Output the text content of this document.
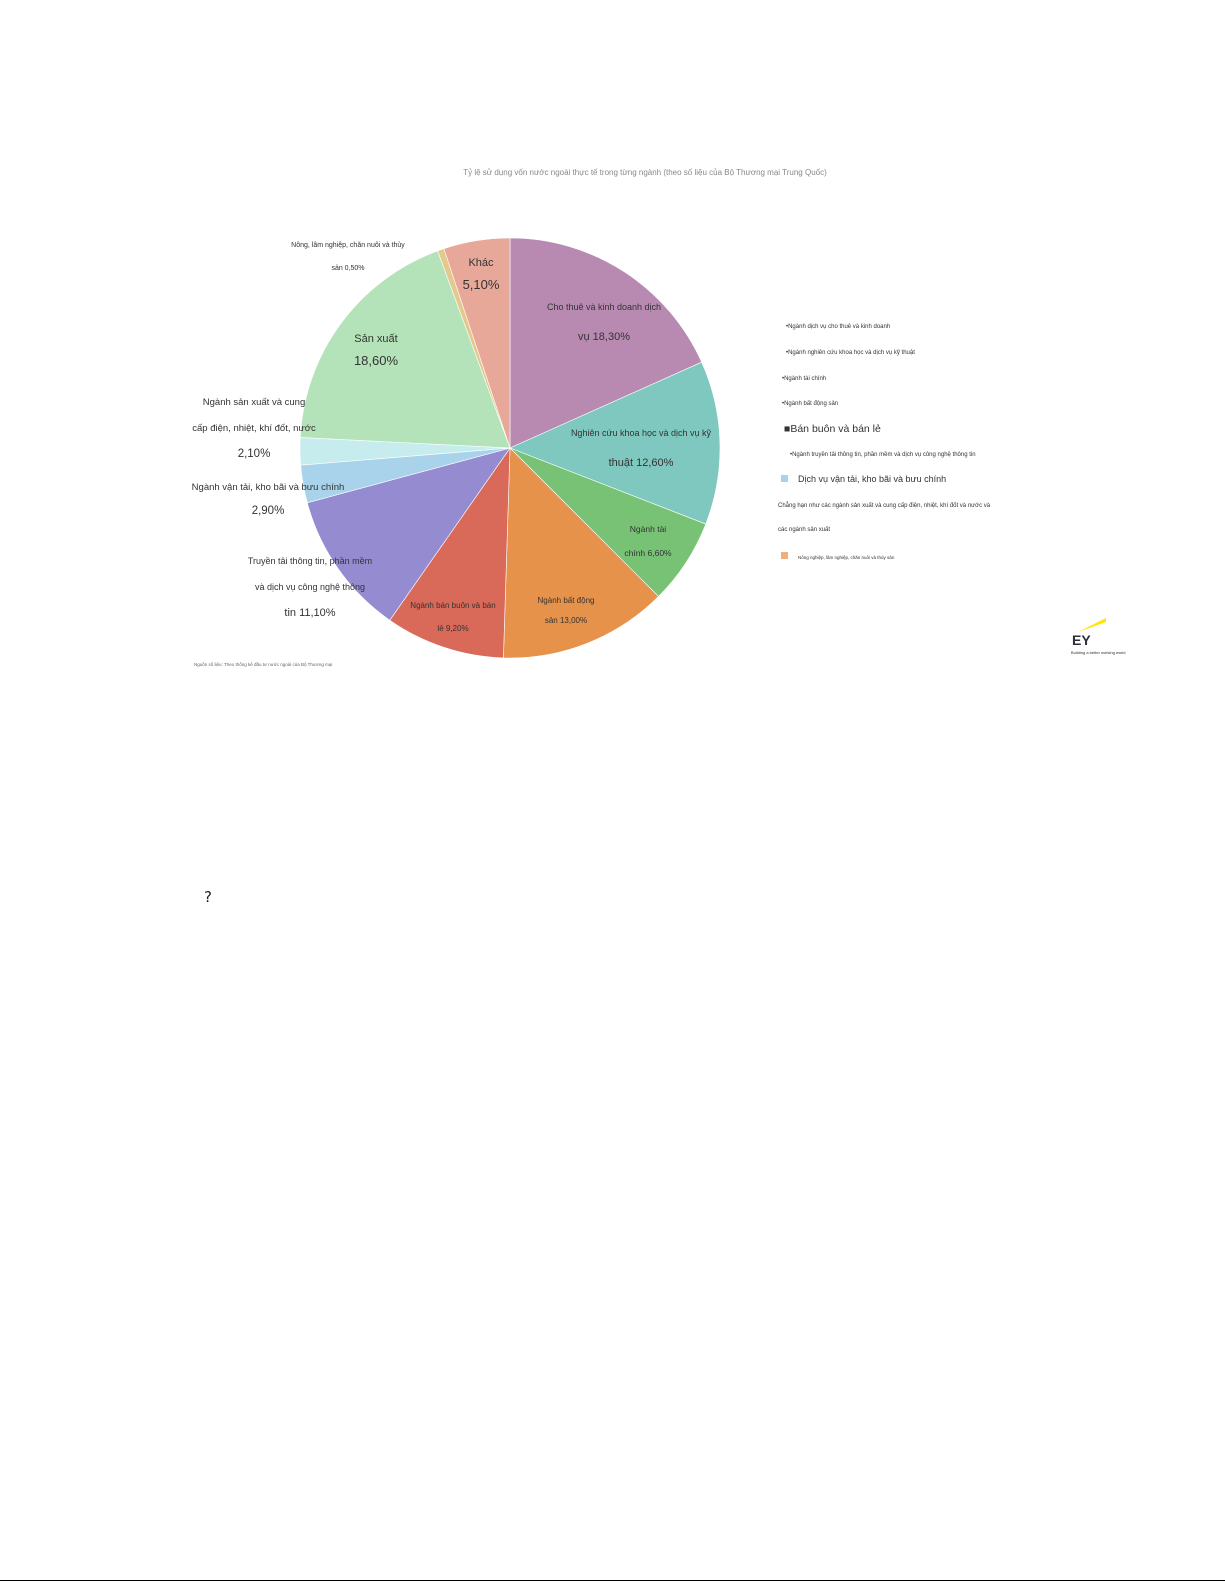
Tỷ lệ sử dụng vốn nước ngoài thực tế trong từng ngành (theo số liệu của Bộ Thương mại Trung Quốc)
Cho thuê và kinh doanh dịch
vụ 18,30%
Nghiên cứu khoa học và dịch vụ kỹ
thuật 12,60%
Ngành tài
chính 6,60%
Ngành bất động
sản 13,00%
Ngành bán buôn và bán
lẻ 9,20%
Truyền tải thông tin, phần mềm
và dịch vụ công nghệ thông
tin 11,10%
Ngành vận tải, kho bãi và bưu chính
2,90%
Ngành sản xuất và cung
cấp điện, nhiệt, khí đốt, nước
2,10%
Sản xuất
18,60%
Nông, lâm nghiệp, chăn nuôi và thủy
sản 0,50%	Khác
5,10%
•Ngành dịch vụ cho thuê và kinh doanh
•Ngành nghiên cứu khoa học và dịch vụ kỹ thuật
•Ngành tài chính
•Ngành bất động sản
■Bán buôn và bán lẻ
•Ngành truyền tải thông tin, phần mềm và dịch vụ công nghệ thông tin
Dịch vụ vận tải, kho bãi và bưu chính
Chẳng hạn như các ngành sản xuất và cung cấp điện, nhiệt, khí đốt và nước và
các ngành sản xuất
Nông nghiệp, lâm nghiệp, chăn nuôi và thủy sản
Nguồn số liệu: Theo thống kê đầu tư nước ngoài của Bộ Thương mại
EY
Building a better working world
?
